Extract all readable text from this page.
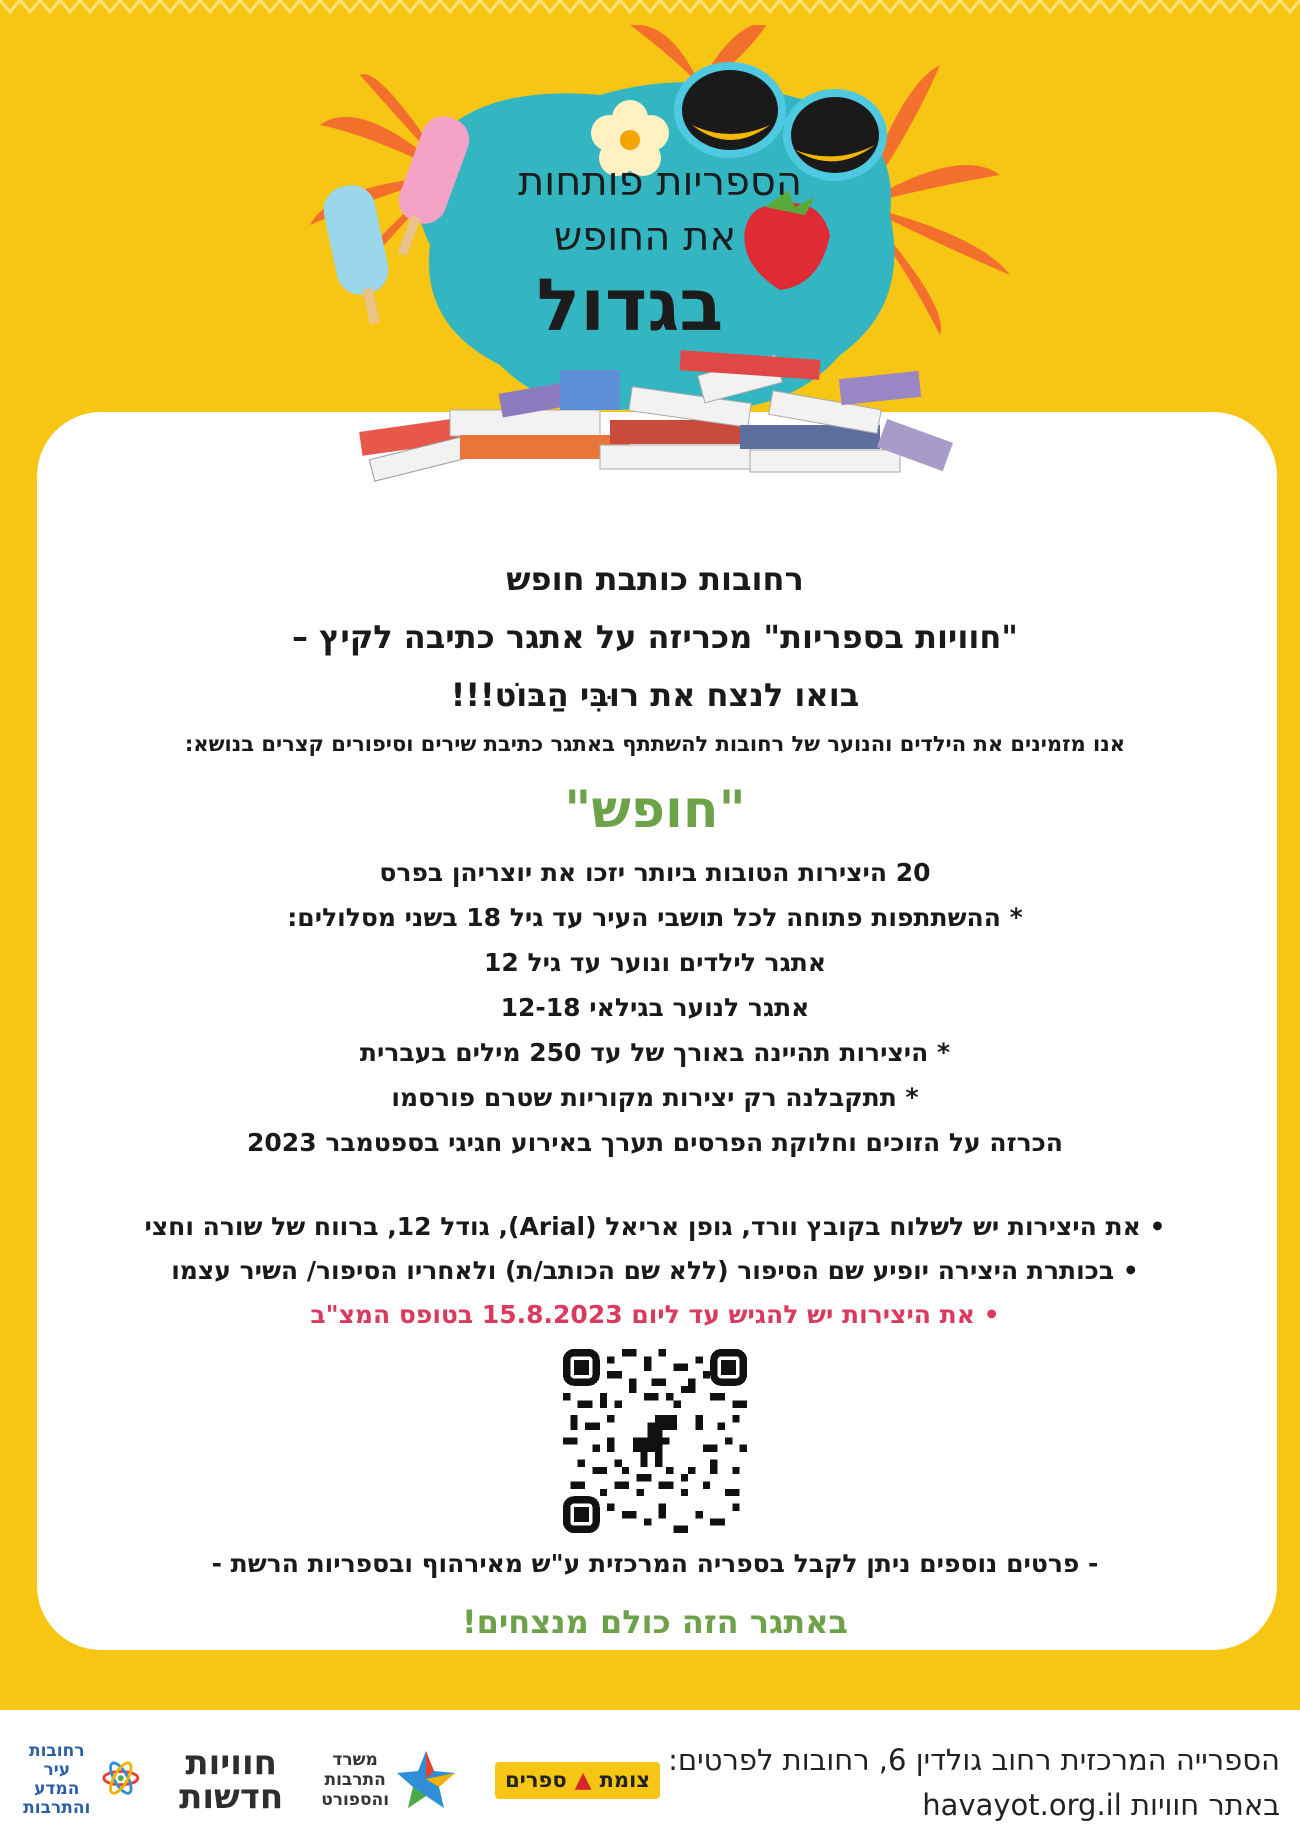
הספריות פותחות
את החופש
בגדול
רחובות כותבת חופש
"חוויות בספריות" מכריזה על אתגר כתיבה לקיץ –
בואו לנצח את רוּבִּי הַבּוֹט!!!
אנו מזמינים את הילדים והנוער של רחובות להשתתף באתגר כתיבת שירים וסיפורים קצרים בנושא:
"חופש"
20 היצירות הטובות ביותר יזכו את יוצריהן בפרס
* ההשתתפות פתוחה לכל תושבי העיר עד גיל 18 בשני מסלולים:
אתגר לילדים ונוער עד גיל 12
אתגר לנוער בגילאי 12-18
* היצירות תהיינה באורך של עד 250 מילים בעברית
* תתקבלנה רק יצירות מקוריות שטרם פורסמו
הכרזה על הזוכים וחלוקת הפרסים תערך באירוע חגיגי בספטמבר 2023
• את היצירות יש לשלוח בקובץ וורד, גופן אריאל (Arial), גודל 12, ברווח של שורה וחצי
• בכותרת היצירה יופיע שם הסיפור (ללא שם הכותב/ת) ולאחריו הסיפור/ השיר עצמו
• את היצירות יש להגיש עד ליום 15.8.2023 בטופס המצ"ב
- פרטים נוספים ניתן לקבל בספריה המרכזית ע"ש מאירהוף ובספריות הרשת -
באתגר הזה כולם מנצחים!
הספרייה המרכזית רחוב גולדין 6, רחובות לפרטים:
באתר חוויות havayot.org.il
צומת
▲
ספרים
משרד
התרבות
והספורט
חוויות
חדשות
רחובות
עיר המדע
והתרבות
